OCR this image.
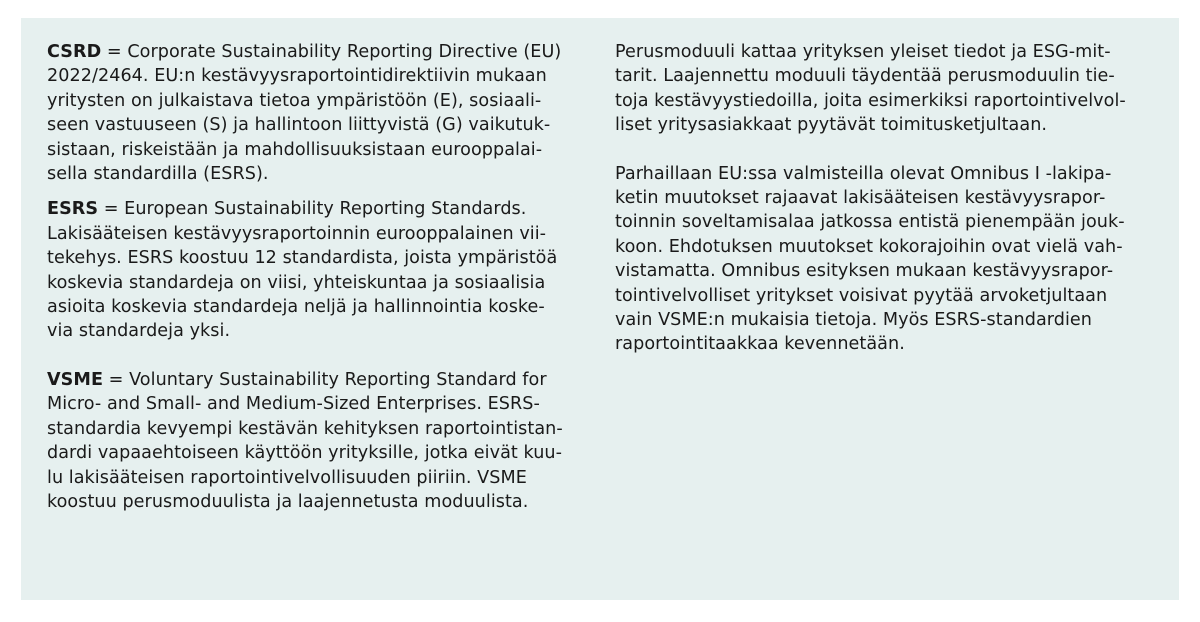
CSRD = Corporate Sustainability Reporting Directive (EU)
2022/2464. EU:n kestävyysraportointidirektiivin mukaan
yritysten on julkaistava tietoa ympäristöön (E), sosiaali-
seen vastuuseen (S) ja hallintoon liittyvistä (G) vaikutuk-
sistaan, riskeistään ja mahdollisuuksistaan eurooppalai-
sella standardilla (ESRS).
ESRS = European Sustainability Reporting Standards.
Lakisääteisen kestävyysraportoinnin eurooppalainen vii-
tekehys. ESRS koostuu 12 standardista, joista ympäristöä
koskevia standardeja on viisi, yhteiskuntaa ja sosiaalisia
asioita koskevia standardeja neljä ja hallinnointia koske-
via standardeja yksi.
VSME = Voluntary Sustainability Reporting Standard for
Micro- and Small- and Medium-Sized Enterprises. ESRS-
standardia kevyempi kestävän kehityksen raportointistan-
dardi vapaaehtoiseen käyttöön yrityksille, jotka eivät kuu-
lu lakisääteisen raportointivelvollisuuden piiriin. VSME
koostuu perusmoduulista ja laajennetusta moduulista.
Perusmoduuli kattaa yrityksen yleiset tiedot ja ESG-mit-
tarit. Laajennettu moduuli täydentää perusmoduulin tie-
toja kestävyystiedoilla, joita esimerkiksi raportointivelvol-
liset yritysasiakkaat pyytävät toimitusketjultaan.
Parhaillaan EU:ssa valmisteilla olevat Omnibus I -lakipa-
ketin muutokset rajaavat lakisääteisen kestävyysrapor-
toinnin soveltamisalaa jatkossa entistä pienempään jouk-
koon. Ehdotuksen muutokset kokorajoihin ovat vielä vah-
vistamatta. Omnibus esityksen mukaan kestävyysrapor-
tointivelvolliset yritykset voisivat pyytää arvoketjultaan
vain VSME:n mukaisia tietoja. Myös ESRS-standardien
raportointitaakkaa kevennetään.
